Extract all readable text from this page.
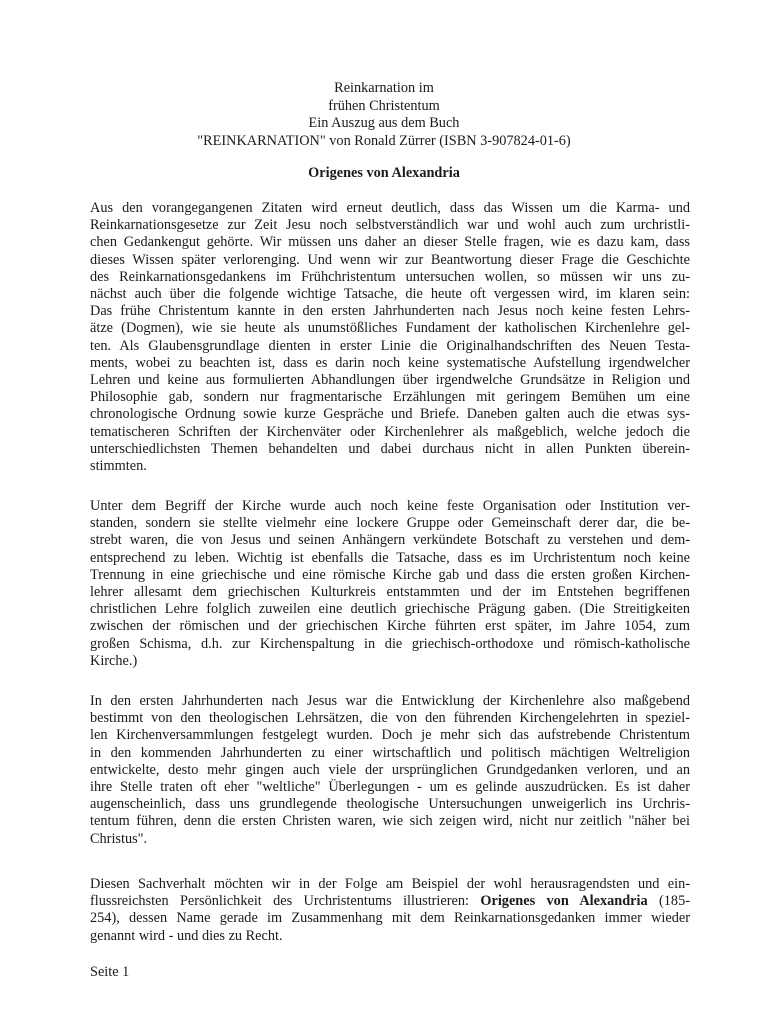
Reinkarnation im
frühen Christentum
Ein Auszug aus dem Buch
"REINKARNATION" von Ronald Zürrer (ISBN 3-907824-01-6)
Origenes von Alexandria
Aus den vorangegangenen Zitaten wird erneut deutlich, dass das Wissen um die Karma- und
Reinkarnationsgesetze zur Zeit Jesu noch selbstverständlich war und wohl auch zum urchristli-
chen Gedankengut gehörte. Wir müssen uns daher an dieser Stelle fragen, wie es dazu kam, dass
dieses Wissen später verlorenging. Und wenn wir zur Beantwortung dieser Frage die Geschichte
des Reinkarnationsgedankens im Frühchristentum untersuchen wollen, so müssen wir uns zu-
nächst auch über die folgende wichtige Tatsache, die heute oft vergessen wird, im klaren sein:
Das frühe Christentum kannte in den ersten Jahrhunderten nach Jesus noch keine festen Lehrs-
ätze (Dogmen), wie sie heute als unumstößliches Fundament der katholischen Kirchenlehre gel-
ten. Als Glaubensgrundlage dienten in erster Linie die Originalhandschriften des Neuen Testa-
ments, wobei zu beachten ist, dass es darin noch keine systematische Aufstellung irgendwelcher
Lehren und keine aus formulierten Abhandlungen über irgendwelche Grundsätze in Religion und
Philosophie gab, sondern nur fragmentarische Erzählungen mit geringem Bemühen um eine
chronologische Ordnung sowie kurze Gespräche und Briefe. Daneben galten auch die etwas sys-
tematischeren Schriften der Kirchenväter oder Kirchenlehrer als maßgeblich, welche jedoch die
unterschiedlichsten Themen behandelten und dabei durchaus nicht in allen Punkten überein-
stimmten.
Unter dem Begriff der Kirche wurde auch noch keine feste Organisation oder Institution ver-
standen, sondern sie stellte vielmehr eine lockere Gruppe oder Gemeinschaft derer dar, die be-
strebt waren, die von Jesus und seinen Anhängern verkündete Botschaft zu verstehen und dem-
entsprechend zu leben. Wichtig ist ebenfalls die Tatsache, dass es im Urchristentum noch keine
Trennung in eine griechische und eine römische Kirche gab und dass die ersten großen Kirchen-
lehrer allesamt dem griechischen Kulturkreis entstammten und der im Entstehen begriffenen
christlichen Lehre folglich zuweilen eine deutlich griechische Prägung gaben. (Die Streitigkeiten
zwischen der römischen und der griechischen Kirche führten erst später, im Jahre 1054, zum
großen Schisma, d.h. zur Kirchenspaltung in die griechisch-orthodoxe und römisch-katholische
Kirche.)
In den ersten Jahrhunderten nach Jesus war die Entwicklung der Kirchenlehre also maßgebend
bestimmt von den theologischen Lehrsätzen, die von den führenden Kirchengelehrten in speziel-
len Kirchenversammlungen festgelegt wurden. Doch je mehr sich das aufstrebende Christentum
in den kommenden Jahrhunderten zu einer wirtschaftlich und politisch mächtigen Weltreligion
entwickelte, desto mehr gingen auch viele der ursprünglichen Grundgedanken verloren, und an
ihre Stelle traten oft eher "weltliche" Überlegungen - um es gelinde auszudrücken. Es ist daher
augenscheinlich, dass uns grundlegende theologische Untersuchungen unweigerlich ins Urchris-
tentum führen, denn die ersten Christen waren, wie sich zeigen wird, nicht nur zeitlich "näher bei
Christus".
Diesen Sachverhalt möchten wir in der Folge am Beispiel der wohl herausragendsten und ein-
flussreichsten Persönlichkeit des Urchristentums illustrieren: Origenes von Alexandria (185-
254), dessen Name gerade im Zusammenhang mit dem Reinkarnationsgedanken immer wieder
genannt wird - und dies zu Recht.
Seite 1
